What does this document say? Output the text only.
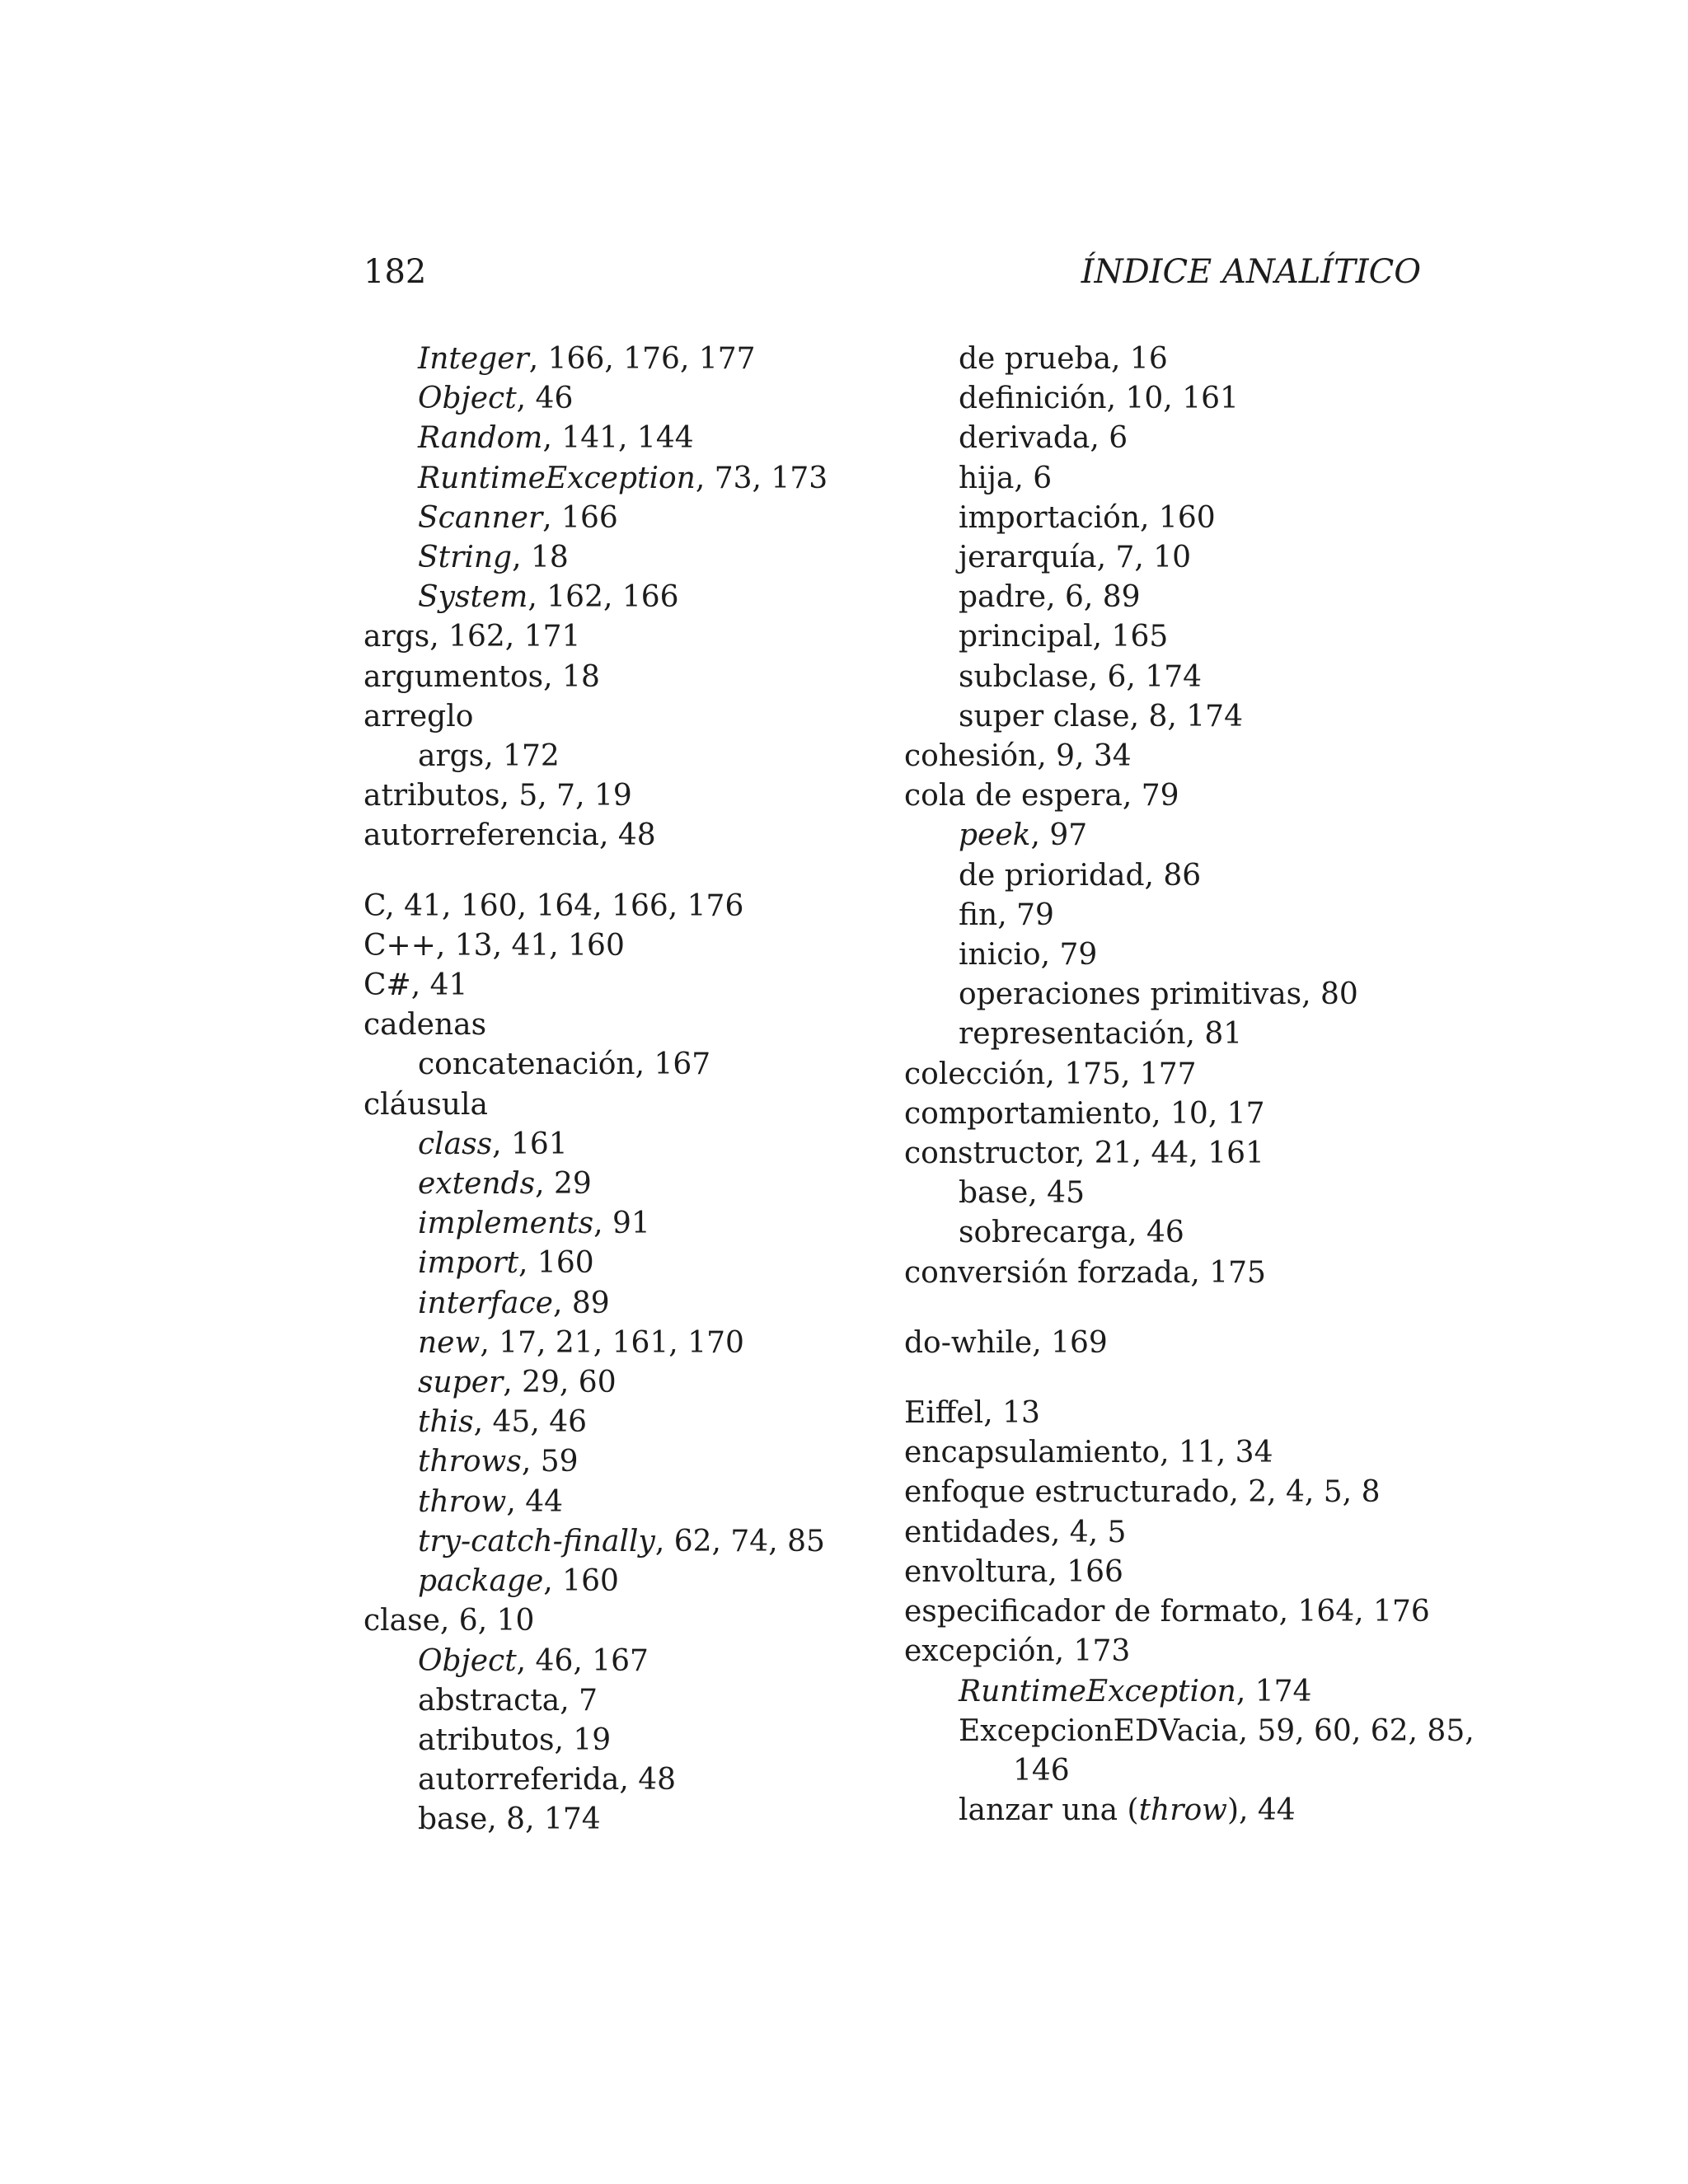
182	ÍNDICE ANALÍTICO
Integer, 166, 176, 177
Object, 46
Random, 141, 144
RuntimeException, 73, 173
Scanner, 166
String, 18
System, 162, 166
args, 162, 171
argumentos, 18
arreglo
args, 172
atributos, 5, 7, 19
autorreferencia, 48
C, 41, 160, 164, 166, 176
C++, 13, 41, 160
C#, 41
cadenas
concatenación, 167
cláusula
class, 161
extends, 29
implements, 91
import, 160
interface, 89
new, 17, 21, 161, 170
super, 29, 60
this, 45, 46
throws, 59
throw, 44
try-catch-finally, 62, 74, 85
package, 160
clase, 6, 10
Object, 46, 167
abstracta, 7
atributos, 19
autorreferida, 48
base, 8, 174
de prueba, 16
definición, 10, 161
derivada, 6
hija, 6
importación, 160
jerarquía, 7, 10
padre, 6, 89
principal, 165
subclase, 6, 174
super clase, 8, 174
cohesión, 9, 34
cola de espera, 79
peek, 97
de prioridad, 86
fin, 79
inicio, 79
operaciones primitivas, 80
representación, 81
colección, 175, 177
comportamiento, 10, 17
constructor, 21, 44, 161
base, 45
sobrecarga, 46
conversión forzada, 175
do-while, 169
Eiffel, 13
encapsulamiento, 11, 34
enfoque estructurado, 2, 4, 5, 8
entidades, 4, 5
envoltura, 166
especificador de formato, 164, 176
excepción, 173
RuntimeException, 174
ExcepcionEDVacia, 59, 60, 62, 85,
146
lanzar una (throw), 44
